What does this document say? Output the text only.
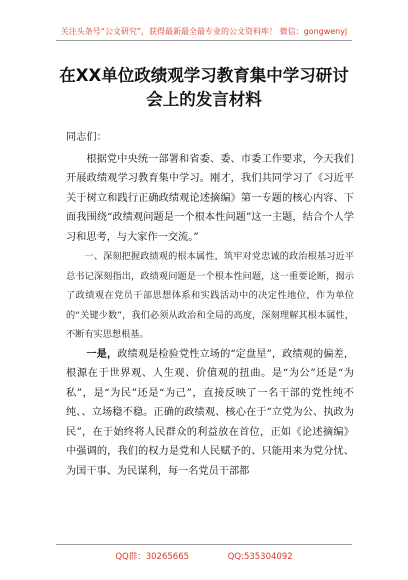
关注头条号“公文研究”，获得最新最全最专业的公文资料库！ 微信：gongwenyj
在XX单位政绩观学习教育集中学习研讨
会上的发言材料

同志们：

根据党中央统一部署和省委、委、市委工作要求，今天我们开展政绩观学习教育集中学习。刚才，我们共同学习了《习近平关于树立和践行正确政绩观论述摘编》第一专题的核心内容、下面我围绕“政绩观问题是一个根本性问题”这一主题，结合个人学习和思考，与大家作一交流。”

一、深刻把握政绩观的根本属性，筑牢对党忠诚的政治根基习近平总书记深刻指出，政绩观问题是一个根本性问题，这一重要论断，揭示了政绩观在党员干部思想体系和实践活动中的决定性地位，作为单位的“关键少数”，我们必须从政治和全局的高度，深刻理解其根本属性，不断有实思想根基。

一是，政绩观是检验党性立场的“定盘星”，政绩观的偏差，根源在于世界观、人生观、价值观的扭曲。是“为公”还是“为私”，是“为民”还是“为己”，直接反映了一名干部的党性纯不纯、、立场稳不稳。正确的政绩观、核心在于“立党为公、执政为民”，在于始终将人民群众的利益放在首位，正如《论述摘编》中强调的，我们的权力是党和人民赋予的、只能用来为党分忧、为国干事、为民谋利，每一名党员干部都

QQ群：30265665	QQ:535304092
